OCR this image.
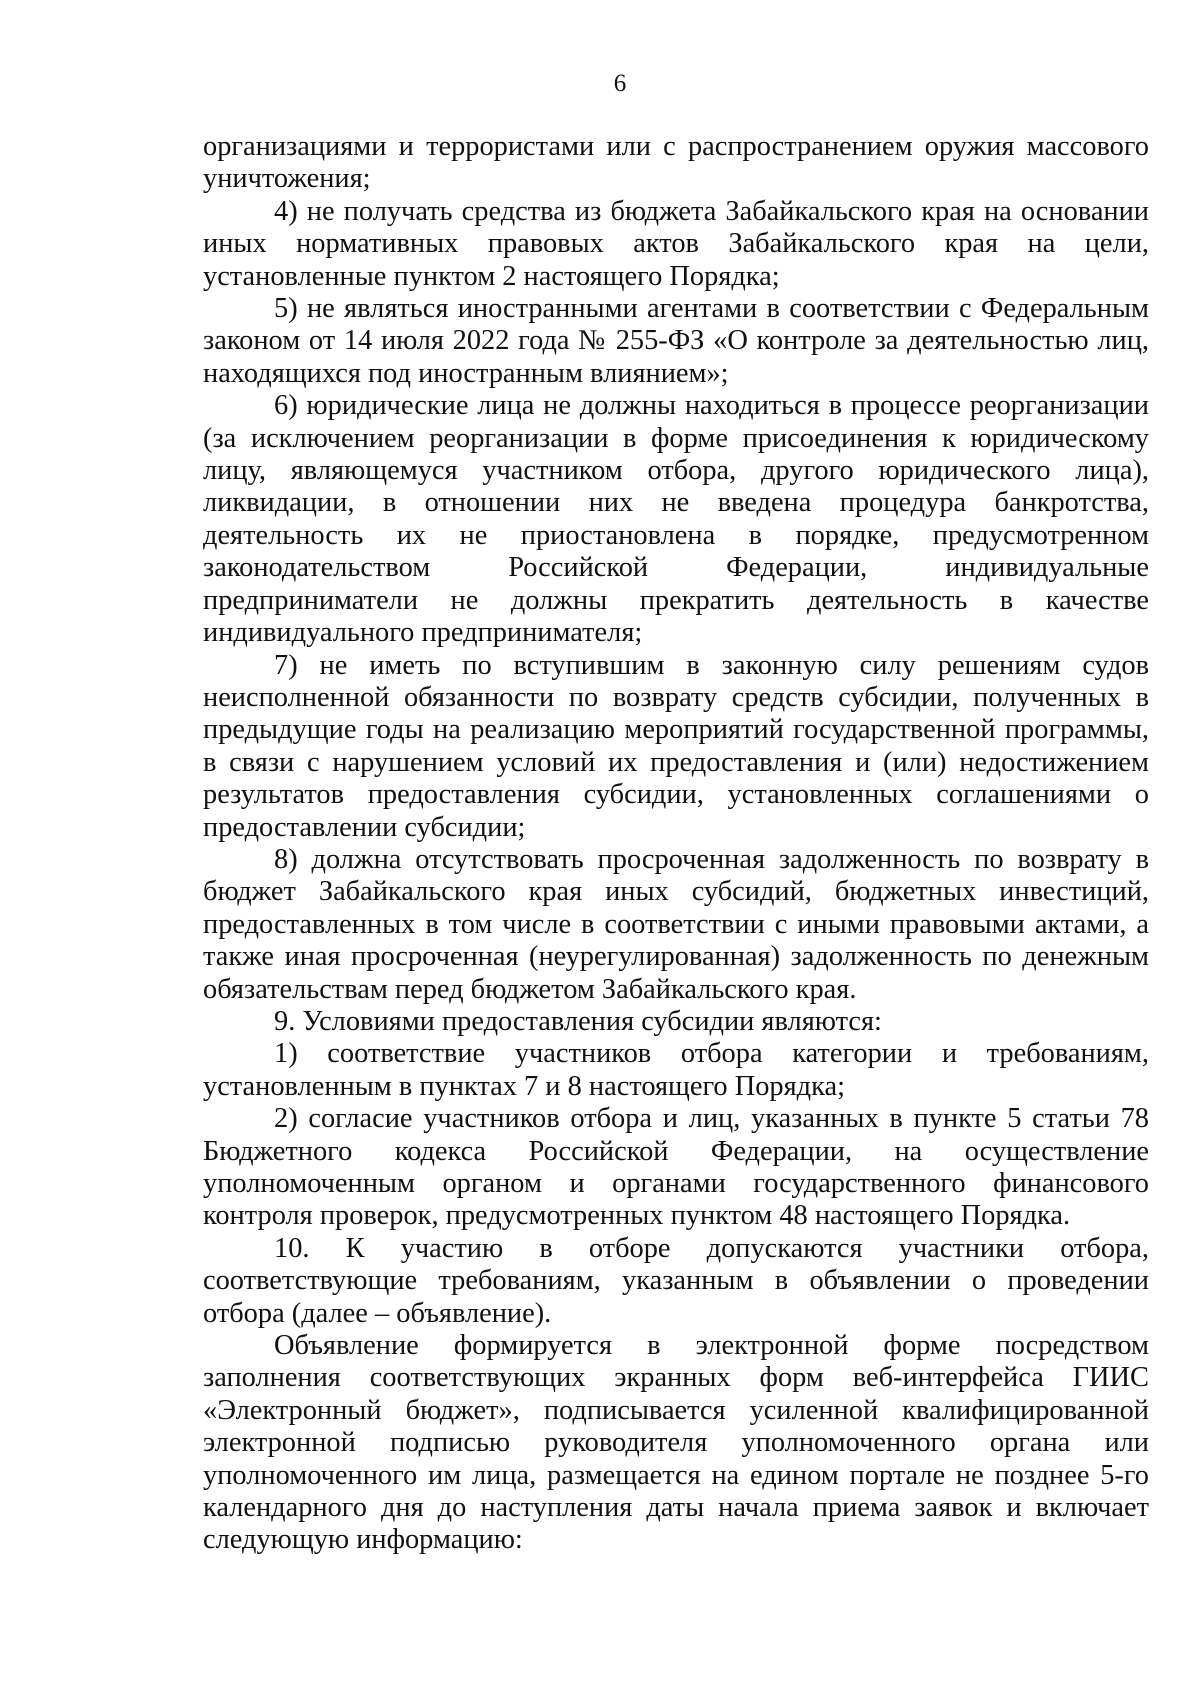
6

организациями и террористами или с распространением оружия массового уничтожения;

4) не получать средства из бюджета Забайкальского края на основании иных нормативных правовых актов Забайкальского края на цели, установленные пунктом 2 настоящего Порядка;

5) не являться иностранными агентами в соответствии с Федеральным законом от 14 июля 2022 года № 255-ФЗ «О контроле за деятельностью лиц, находящихся под иностранным влиянием»;

6) юридические лица не должны находиться в процессе реорганизации (за исключением реорганизации в форме присоединения к юридическому лицу, являющемуся участником отбора, другого юридического лица), ликвидации, в отношении них не введена процедура банкротства, деятельность их не приостановлена в порядке, предусмотренном законодательством Российской Федерации, индивидуальные предприниматели не должны прекратить деятельность в качестве индивидуального предпринимателя;

7) не иметь по вступившим в законную силу решениям судов неисполненной обязанности по возврату средств субсидии, полученных в предыдущие годы на реализацию мероприятий государственной программы, в связи с нарушением условий их предоставления и (или) недостижением результатов предоставления субсидии, установленных соглашениями о предоставлении субсидии;

8) должна отсутствовать просроченная задолженность по возврату в бюджет Забайкальского края иных субсидий, бюджетных инвестиций, предоставленных в том числе в соответствии с иными правовыми актами, а также иная просроченная (неурегулированная) задолженность по денежным обязательствам перед бюджетом Забайкальского края.

9. Условиями предоставления субсидии являются:

1) соответствие участников отбора категории и требованиям, установленным в пунктах 7 и 8 настоящего Порядка;

2) согласие участников отбора и лиц, указанных в пункте 5 статьи 78 Бюджетного кодекса Российской Федерации, на осуществление уполномоченным органом и органами государственного финансового контроля проверок, предусмотренных пунктом 48 настоящего Порядка.

10. К участию в отборе допускаются участники отбора, соответствующие требованиям, указанным в объявлении о проведении отбора (далее – объявление).

Объявление формируется в электронной форме посредством заполнения соответствующих экранных форм веб-интерфейса ГИИС «Электронный бюджет», подписывается усиленной квалифицированной электронной подписью руководителя уполномоченного органа или уполномоченного им лица, размещается на едином портале не позднее 5-го календарного дня до наступления даты начала приема заявок и включает следующую информацию:
